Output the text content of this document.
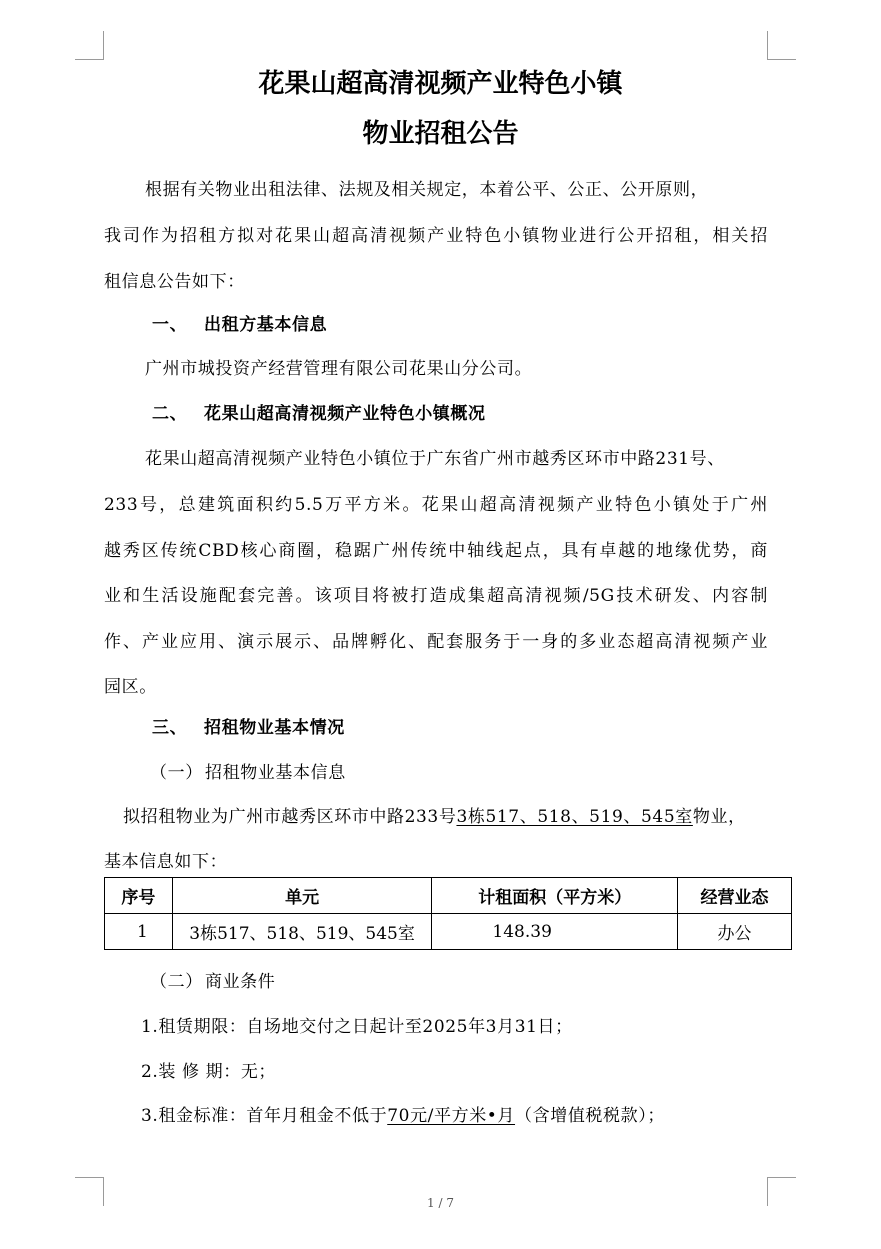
花果山超高清视频产业特色小镇
物业招租公告
根据有关物业出租法律、法规及相关规定，本着公平、公正、公开原则，
我司作为招租方拟对花果山超高清视频产业特色小镇物业进行公开招租，相关招
租信息公告如下：
一、 出租方基本信息
广州市城投资产经营管理有限公司花果山分公司。
二、 花果山超高清视频产业特色小镇概况
花果山超高清视频产业特色小镇位于广东省广州市越秀区环市中路231号、
233号，总建筑面积约5.5万平方米。花果山超高清视频产业特色小镇处于广州
越秀区传统CBD核心商圈，稳踞广州传统中轴线起点，具有卓越的地缘优势，商
业和生活设施配套完善。该项目将被打造成集超高清视频/5G技术研发、内容制
作、产业应用、演示展示、品牌孵化、配套服务于一身的多业态超高清视频产业
园区。
三、 招租物业基本情况
（一） 招租物业基本信息
拟招租物业为广州市越秀区环市中路233号3栋517、518、519、545室物业，
基本信息如下：
序号	单元	计租面积（平方米）	经营业态
1	3栋517、518、519、545室	148.39	办公
（二） 商业条件
1.租赁期限：自场地交付之日起计至2025年3月31日；
2.装 修 期：无；
3.租金标准：首年月租金不低于70元/平方米•月（含增值税税款）；
1 / 7
